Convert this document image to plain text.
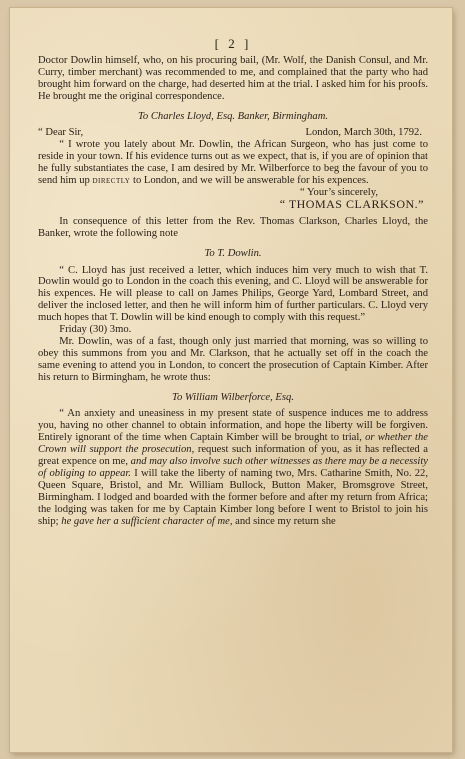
[ 2 ]

Doctor Dowlin himself, who, on his procuring bail, (Mr. Wolf, the Danish Consul, and Mr. Curry, timber merchant) was recommended to me, and complained that the party who had brought him forward on the charge, had deserted him at the trial. I asked him for his proofs. He brought me the original correspondence.

To Charles Lloyd, Esq. Banker, Birmingham.

“ Dear Sir,	London, March 30th, 1792.

“ I wrote you lately about Mr. Dowlin, the African Surgeon, who has just come to reside in your town. If his evidence turns out as we expect, that is, if you are of opinion that he fully substantiates the case, I am desired by Mr. Wilberforce to beg the favour of you to send him up directly to London, and we will be answerable for his expences.

“ Your’s sincerely,

“ THOMAS CLARKSON.”

In consequence of this letter from the Rev. Thomas Clarkson, Charles Lloyd, the Banker, wrote the following note

To T. Dowlin.

“ C. Lloyd has just received a letter, which induces him very much to wish that T. Dowlin would go to London in the coach this evening, and C. Lloyd will be answerable for his expences. He will please to call on James Philips, George Yard, Lombard Street, and deliver the inclosed letter, and then he will inform him of further particulars. C. Lloyd very much hopes that T. Dowlin will be kind enough to comply with this request.”

Friday (30) 3mo.

Mr. Dowlin, was of a fast, though only just married that morning, was so willing to obey this summons from you and Mr. Clarkson, that he actually set off in the coach the same evening to attend you in London, to concert the prosecution of Captain Kimber. After his return to Birmingham, he wrote thus:

To William Wilberforce, Esq.

“ An anxiety and uneasiness in my present state of suspence induces me to address you, having no other channel to obtain information, and hope the liberty will be forgiven. Entirely ignorant of the time when Captain Kimber will be brought to trial, or whether the Crown will support the prosecution, request such information of you, as it has reflected a great expence on me, and may also involve such other witnesses as there may be a necessity of obliging to appear. I will take the liberty of naming two, Mrs. Catharine Smith, No. 22, Queen Square, Bristol, and Mr. William Bullock, Button Maker, Bromsgrove Street, Birmingham. I lodged and boarded with the former before and after my return from Africa; the lodging was taken for me by Captain Kimber long before I went to Bristol to join his ship; he gave her a sufficient character of me, and since my return she
